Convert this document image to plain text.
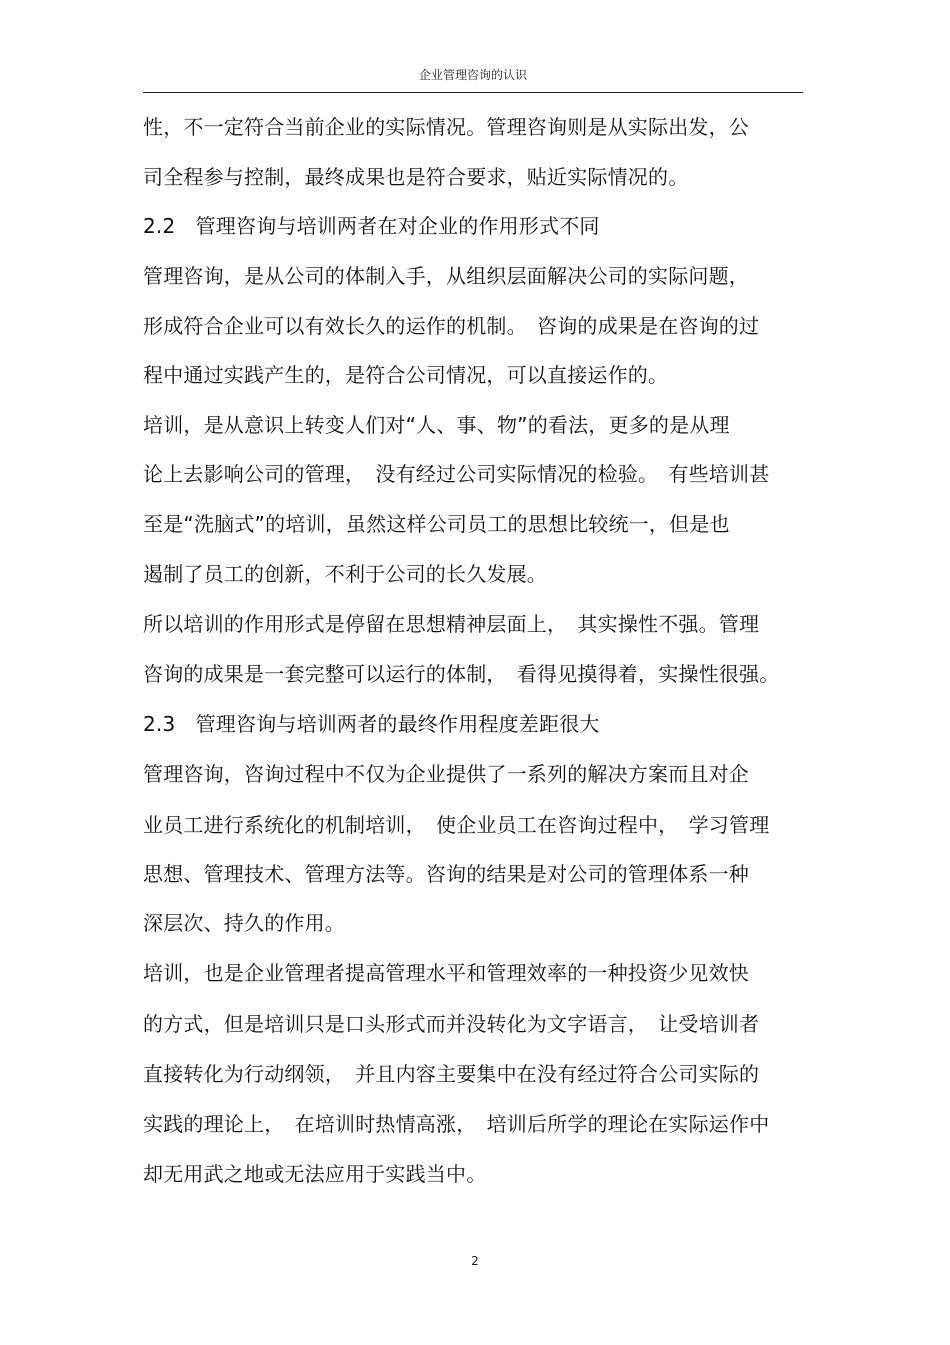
企业管理咨询的认识
性，不一定符合当前企业的实际情况。管理咨询则是从实际出发，公
司全程参与控制，最终成果也是符合要求，贴近实际情况的。
2.2　管理咨询与培训两者在对企业的作用形式不同
管理咨询，是从公司的体制入手，从组织层面解决公司的实际问题，
形成符合企业可以有效长久的运作的机制。　咨询的成果是在咨询的过
程中通过实践产生的，是符合公司情况，可以直接运作的。
培训，是从意识上转变人们对“人、事、物”的看法，更多的是从理
论上去影响公司的管理，　没有经过公司实际情况的检验。　有些培训甚
至是“洗脑式”的培训，虽然这样公司员工的思想比较统一，但是也
遏制了员工的创新，不利于公司的长久发展。
所以培训的作用形式是停留在思想精神层面上，　其实操性不强。管理
咨询的成果是一套完整可以运行的体制，　看得见摸得着，实操性很强。
2.3　管理咨询与培训两者的最终作用程度差距很大
管理咨询，咨询过程中不仅为企业提供了一系列的解决方案而且对企
业员工进行系统化的机制培训，　使企业员工在咨询过程中，　学习管理
思想、管理技术、管理方法等。咨询的结果是对公司的管理体系一种
深层次、持久的作用。
培训，也是企业管理者提高管理水平和管理效率的一种投资少见效快
的方式，但是培训只是口头形式而并没转化为文字语言，　让受培训者
直接转化为行动纲领，　并且内容主要集中在没有经过符合公司实际的
实践的理论上，　在培训时热情高涨，　培训后所学的理论在实际运作中
却无用武之地或无法应用于实践当中。
2
